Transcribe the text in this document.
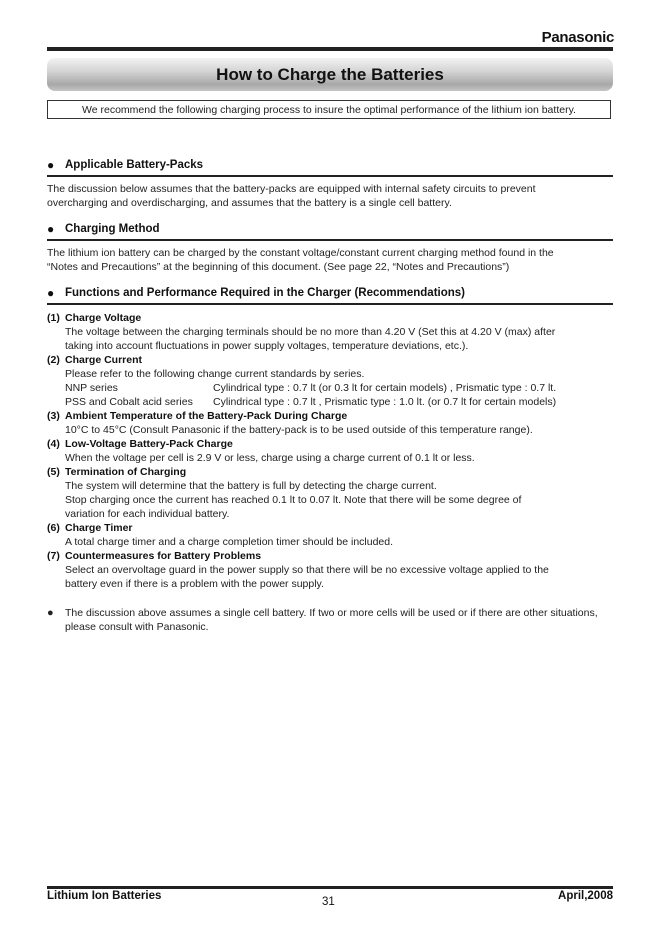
Panasonic
How to Charge the Batteries
We recommend the following charging process to insure the optimal performance of the lithium ion battery.
● Applicable Battery-Packs
The discussion below assumes that the battery-packs are equipped with internal safety circuits to prevent
overcharging and overdischarging, and assumes that the battery is a single cell battery.
● Charging Method
The lithium ion battery can be charged by the constant voltage/constant current charging method found in the
“Notes and Precautions” at the beginning of this document. (See page 22, “Notes and Precautions”)
● Functions and Performance Required in the Charger (Recommendations)
(1) Charge Voltage
The voltage between the charging terminals should be no more than 4.20 V (Set this at 4.20 V (max) after
taking into account fluctuations in power supply voltages, temperature deviations, etc.).
(2) Charge Current
Please refer to the following change current standards by series.
NNP series	Cylindrical type : 0.7 lt (or 0.3 lt for certain models) , Prismatic type : 0.7 lt.
PSS and Cobalt acid series Cylindrical type : 0.7 lt , Prismatic type : 1.0 lt. (or 0.7 lt for certain models)
(3) Ambient Temperature of the Battery-Pack During Charge
10°C to 45°C (Consult Panasonic if the battery-pack is to be used outside of this temperature range).
(4) Low-Voltage Battery-Pack Charge
When the voltage per cell is 2.9 V or less, charge using a charge current of 0.1 lt or less.
(5) Termination of Charging
The system will determine that the battery is full by detecting the charge current.
Stop charging once the current has reached 0.1 lt to 0.07 lt. Note that there will be some degree of
variation for each individual battery.
(6) Charge Timer
A total charge timer and a charge completion timer should be included.
(7) Countermeasures for Battery Problems
Select an overvoltage guard in the power supply so that there will be no excessive voltage applied to the
battery even if there is a problem with the power supply.
● The discussion above assumes a single cell battery. If two or more cells will be used or if there are other situations, please consult with Panasonic.
Lithium Ion Batteries	31	April,2008
